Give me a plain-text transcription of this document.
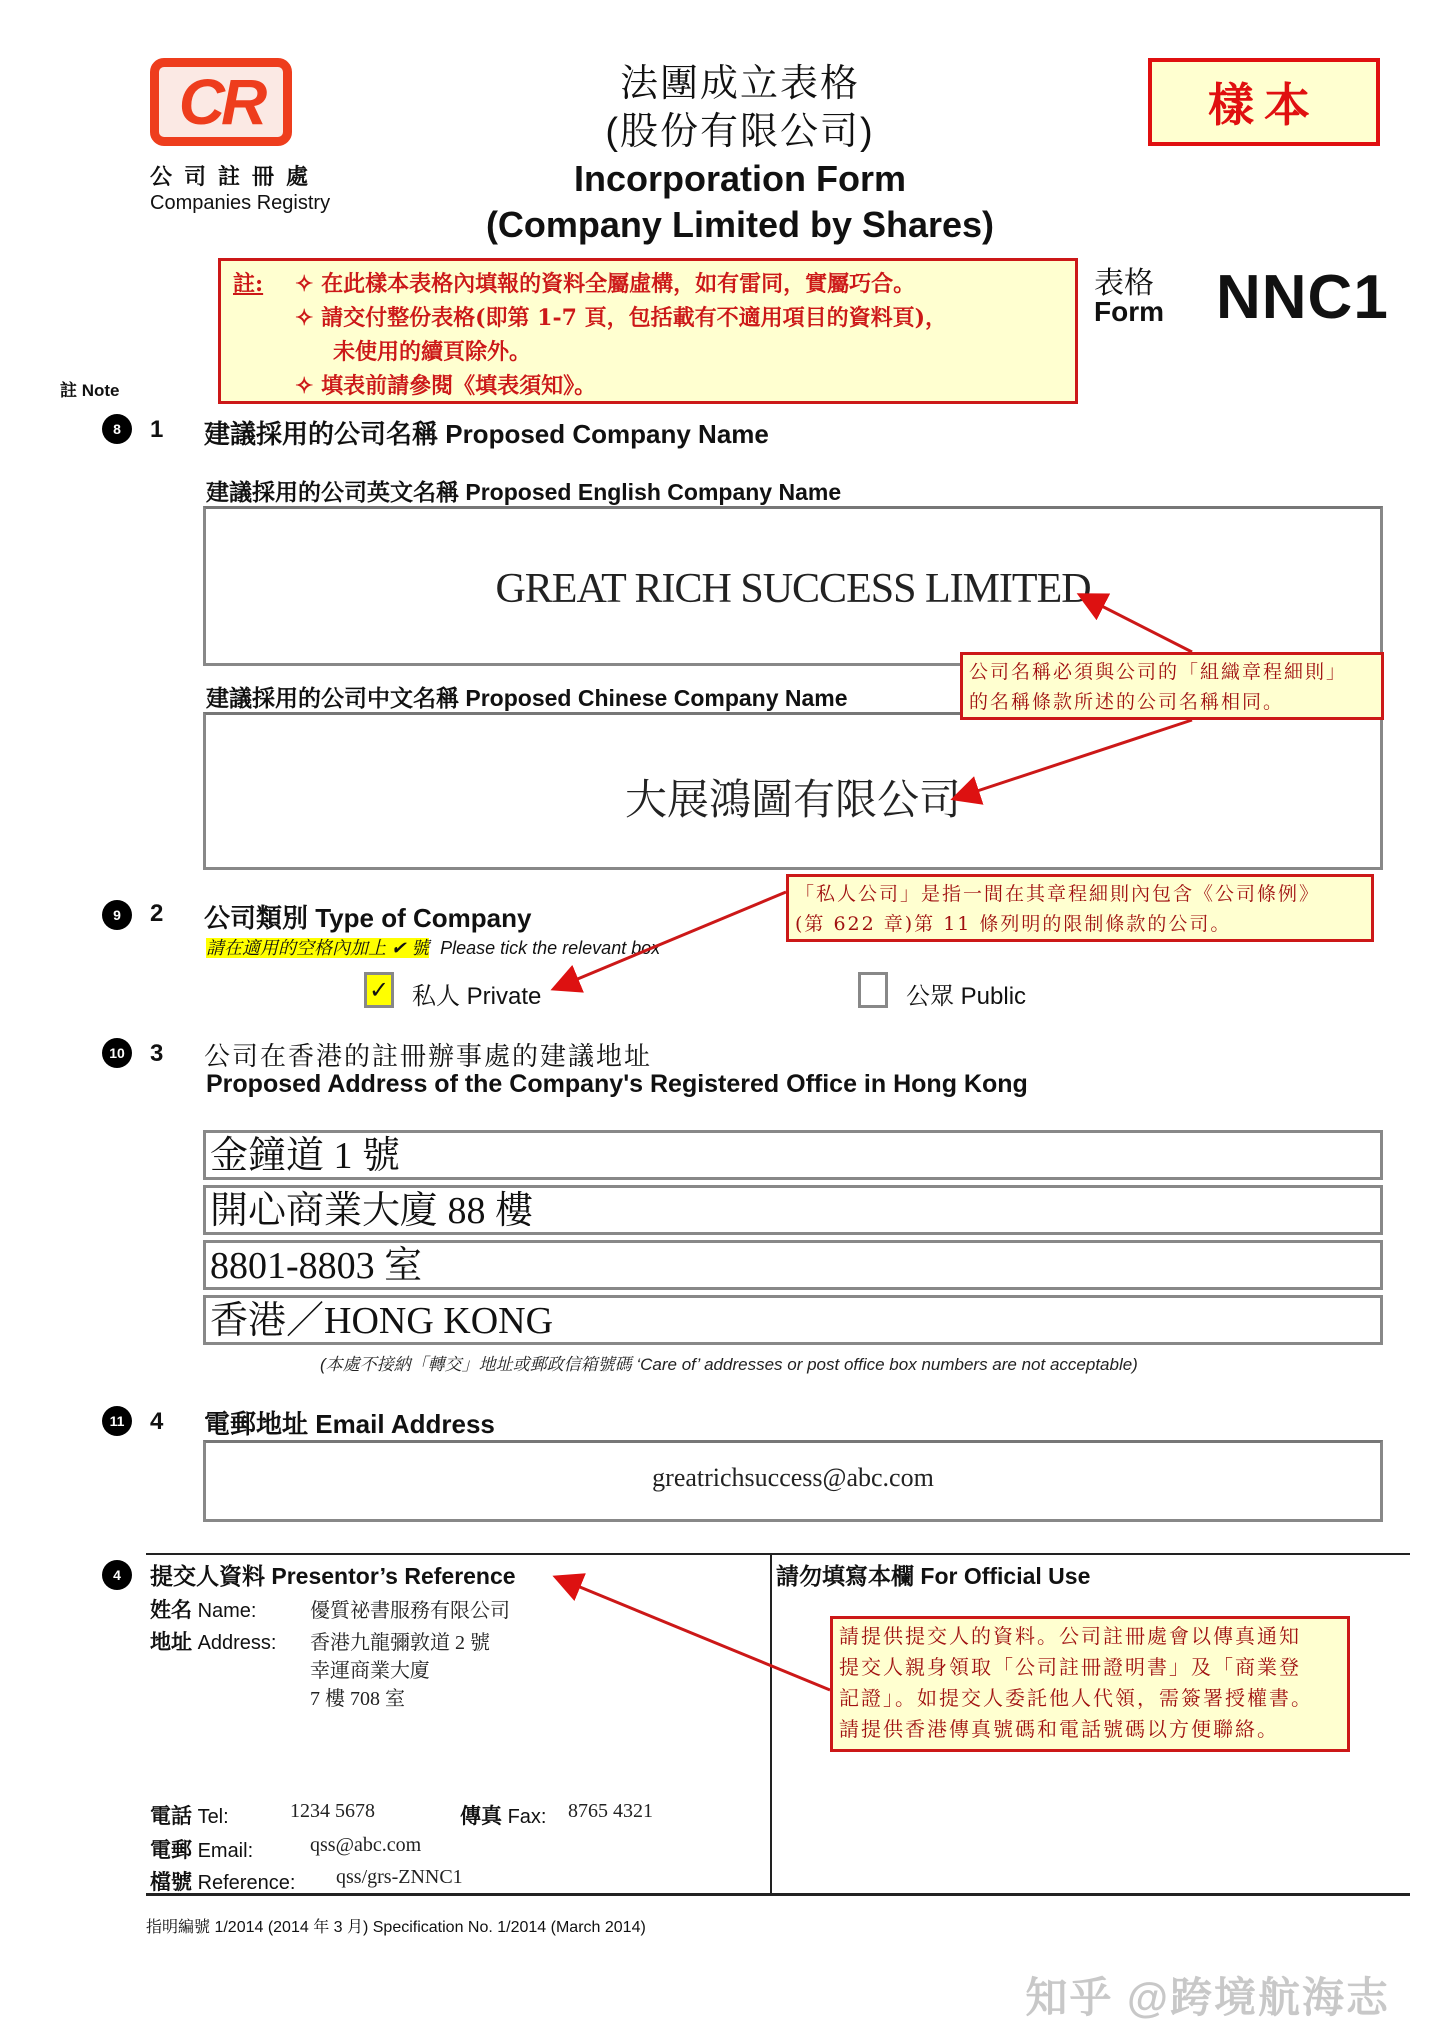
CR
公司註冊處
Companies Registry
法團成立表格
(股份有限公司)
Incorporation Form
(Company Limited by Shares)
樣本
註: ✧ 在此樣本表格內填報的資料全屬虛構，如有雷同，實屬巧合。
✧ 請交付整份表格(即第 1-7 頁，包括載有不適用項目的資料頁)，
未使用的續頁除外。
✧ 填表前請參閱《填表須知》。
表格
Form NNC1
註 Note
8	1 建議採用的公司名稱 Proposed Company Name
建議採用的公司英文名稱 Proposed English Company Name
GREAT RICH SUCCESS LIMITED
建議採用的公司中文名稱 Proposed Chinese Company Name
大展鴻圖有限公司
公司名稱必須與公司的「組織章程細則」
的名稱條款所述的公司名稱相同。
9	2 公司類別 Type of Company
請在適用的空格內加上 ✔ 號 Please tick the relevant box
✓ 私人 Private	公眾 Public
「私人公司」是指一間在其章程細則內包含《公司條例》
(第 622 章)第 11 條列明的限制條款的公司。
10	3 公司在香港的註冊辦事處的建議地址
Proposed Address of the Company's Registered Office in Hong Kong
金鐘道 1 號
開心商業大廈 88 樓
8801-8803 室
香港／HONG KONG
(本處不接納「轉交」地址或郵政信箱號碼 ‘Care of’ addresses or post office box numbers are not acceptable)
11	4 電郵地址 Email Address
greatrichsuccess@abc.com
4	提交人資料 Presentor’s Reference
姓名 Name:	優質祕書服務有限公司
地址 Address: 香港九龍彌敦道 2 號
幸運商業大廈
7 樓 708 室
電話 Tel:	1234 5678	傳真 Fax: 8765 4321
電郵 Email:	qss@abc.com
檔號 Reference: qss/grs-ZNNC1
請勿填寫本欄 For Official Use
請提供提交人的資料。公司註冊處會以傳真通知
提交人親身領取「公司註冊證明書」及「商業登
記證」。如提交人委託他人代領，需簽署授權書。
請提供香港傳真號碼和電話號碼以方便聯絡。
指明編號 1/2014 (2014 年 3 月) Specification No. 1/2014 (March 2014)
知乎 @跨境航海志
